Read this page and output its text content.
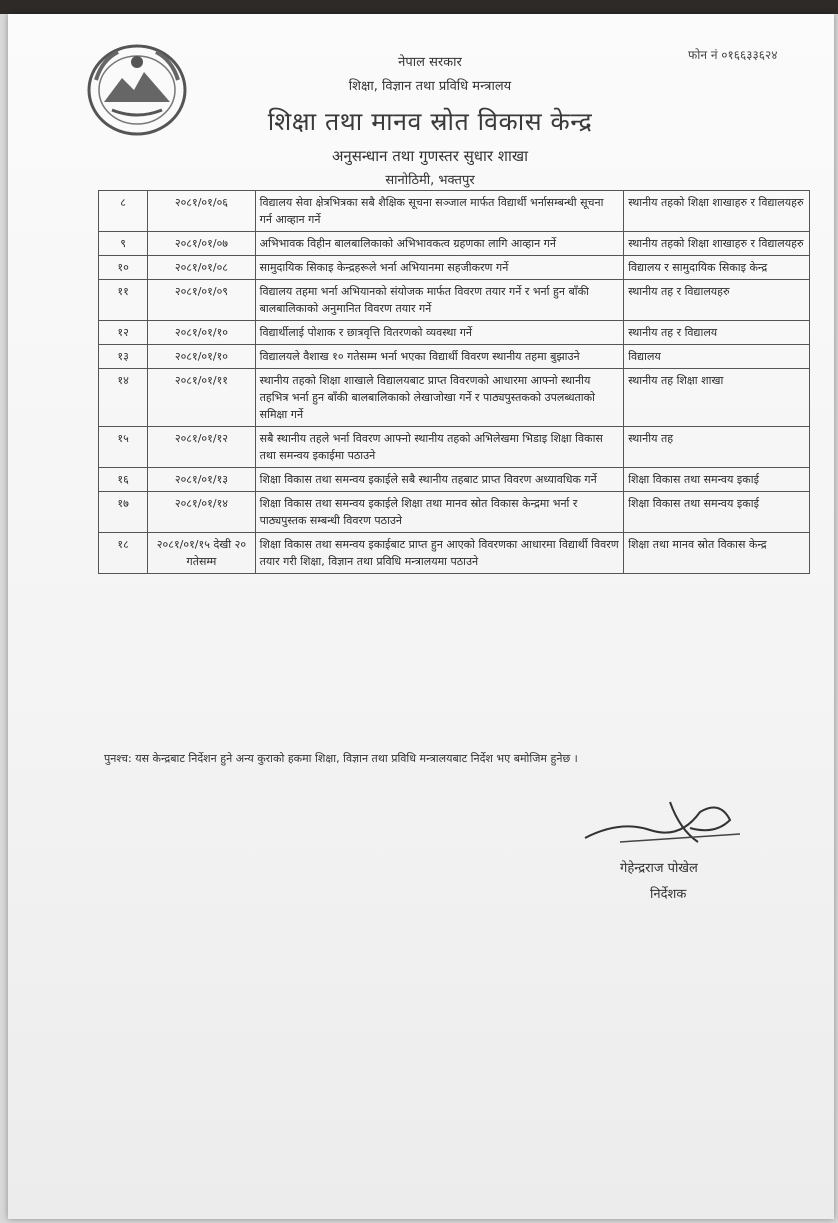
फोन नं ०१६६३३६२४
नेपाल सरकार
शिक्षा, विज्ञान तथा प्रविधि मन्त्रालय
शिक्षा तथा मानव स्रोत विकास केन्द्र
अनुसन्धान तथा गुणस्तर सुधार शाखा
सानोठिमी, भक्तपुर
८	२०८१/०१/०६	विद्यालय सेवा क्षेत्रभित्रका सबै शैक्षिक सूचना सञ्जाल मार्फत विद्यार्थी भर्नासम्बन्धी सूचना गर्न आव्हान गर्ने	स्थानीय तहको शिक्षा शाखाहरु र विद्यालयहरु
९	२०८१/०१/०७	अभिभावक विहीन बालबालिकाको अभिभावकत्व ग्रहणका लागि आव्हान गर्ने	स्थानीय तहको शिक्षा शाखाहरु र विद्यालयहरु
१०	२०८१/०१/०८	सामुदायिक सिकाइ केन्द्रहरूले भर्ना अभियानमा सहजीकरण गर्ने	विद्यालय र सामुदायिक सिकाइ केन्द्र
११	२०८१/०१/०९	विद्यालय तहमा भर्ना अभियानको संयोजक मार्फत विवरण तयार गर्ने र भर्ना हुन बाँकी बालबालिकाको अनुमानित विवरण तयार गर्ने	स्थानीय तह र विद्यालयहरु
१२	२०८१/०१/१०	विद्यार्थीलाई पोशाक र छात्रवृत्ति वितरणको व्यवस्था गर्ने	स्थानीय तह र विद्यालय
१३	२०८१/०१/१०	विद्यालयले वैशाख १० गतेसम्म भर्ना भएका विद्यार्थी विवरण स्थानीय तहमा बुझाउने	विद्यालय
१४	२०८१/०१/११	स्थानीय तहको शिक्षा शाखाले विद्यालयबाट प्राप्त विवरणको आधारमा आफ्नो स्थानीय तहभित्र भर्ना हुन बाँकी बालबालिकाको लेखाजोखा गर्ने र पाठ्यपुस्तकको उपलब्धताको समिक्षा गर्ने	स्थानीय तह शिक्षा शाखा
१५	२०८१/०१/१२	सबै स्थानीय तहले भर्ना विवरण आफ्नो स्थानीय तहको अभिलेखमा भिडाइ शिक्षा विकास तथा समन्वय इकाईमा पठाउने	स्थानीय तह
१६	२०८१/०१/१३	शिक्षा विकास तथा समन्वय इकाईले सबै स्थानीय तहबाट प्राप्त विवरण अध्यावधिक गर्ने	शिक्षा विकास तथा समन्वय इकाई
१७	२०८१/०१/१४	शिक्षा विकास तथा समन्वय इकाईले शिक्षा तथा मानव स्रोत विकास केन्द्रमा भर्ना र पाठ्यपुस्तक सम्बन्धी विवरण पठाउने	शिक्षा विकास तथा समन्वय इकाई
१८	२०८१/०१/१५ देखी २० गतेसम्म	शिक्षा विकास तथा समन्वय इकाईबाट प्राप्त हुन आएको विवरणका आधारमा विद्यार्थी विवरण तयार गरी शिक्षा, विज्ञान तथा प्रविधि मन्त्रालयमा पठाउने	शिक्षा तथा मानव स्रोत विकास केन्द्र
पुनश्च: यस केन्द्रबाट निर्देशन हुने अन्य कुराको हकमा शिक्षा, विज्ञान तथा प्रविधि मन्त्रालयबाट निर्देश भए बमोजिम हुनेछ ।
गेहेन्द्रराज पोखेल
निर्देशक
